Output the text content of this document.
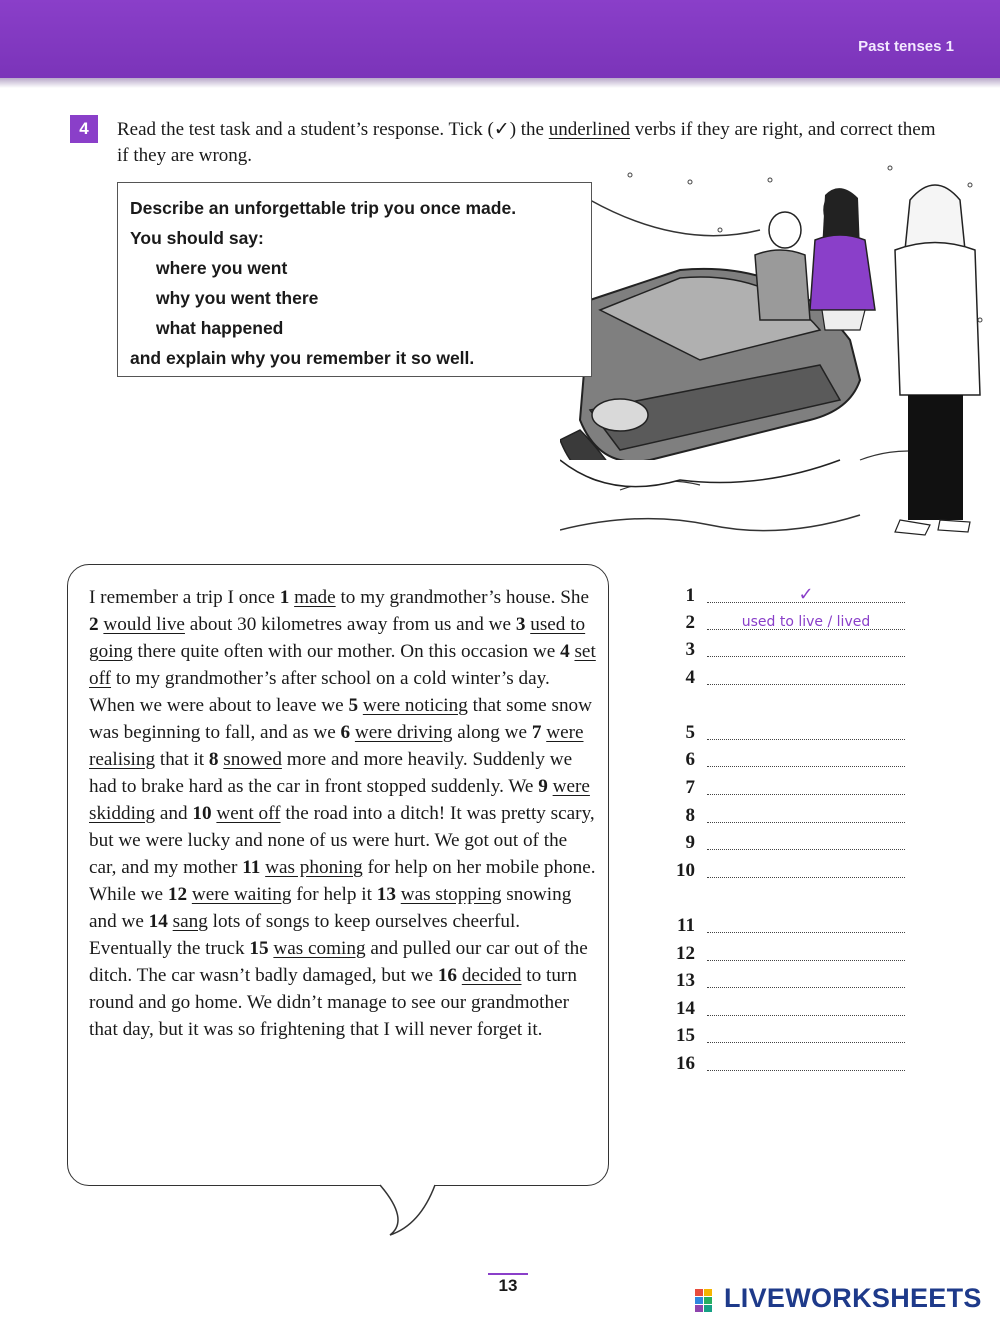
Past tenses 1
4	Read the test task and a student’s response. Tick (✓) the underlined verbs if they are right, and correct them if they are wrong.
Describe an unforgettable trip you once made.
You should say:
where you went
why you went there
what happened
and explain why you remember it so well.
I remember a trip I once 1 made to my grandmother’s house. She 2 would live about 30 kilometres away from us and we 3 used to going there quite often with our mother. On this occasion we 4 set off to my grandmother’s after school on a cold winter’s day. When we were about to leave we 5 were noticing that some snow was beginning to fall, and as we 6 were driving along we 7 were realising that it 8 snowed more and more heavily. Suddenly we had to brake hard as the car in front stopped suddenly. We 9 were skidding and 10 went off the road into a ditch! It was pretty scary, but we were lucky and none of us were hurt. We got out of the car, and my mother 11 was phoning for help on her mobile phone. While we 12 were waiting for help it 13 was stopping snowing and we 14 sang lots of songs to keep ourselves cheerful. Eventually the truck 15 was coming and pulled our car out of the ditch. The car wasn’t badly damaged, but we 16 decided to turn round and go home. We didn’t manage to see our grandmother that day, but it was so frightening that I will never forget it.
1	✓
2	used to live / lived
3
4
5
6
7
8
9
10
11
12
13
14
15
16
13	LIVEWORKSHEETS
